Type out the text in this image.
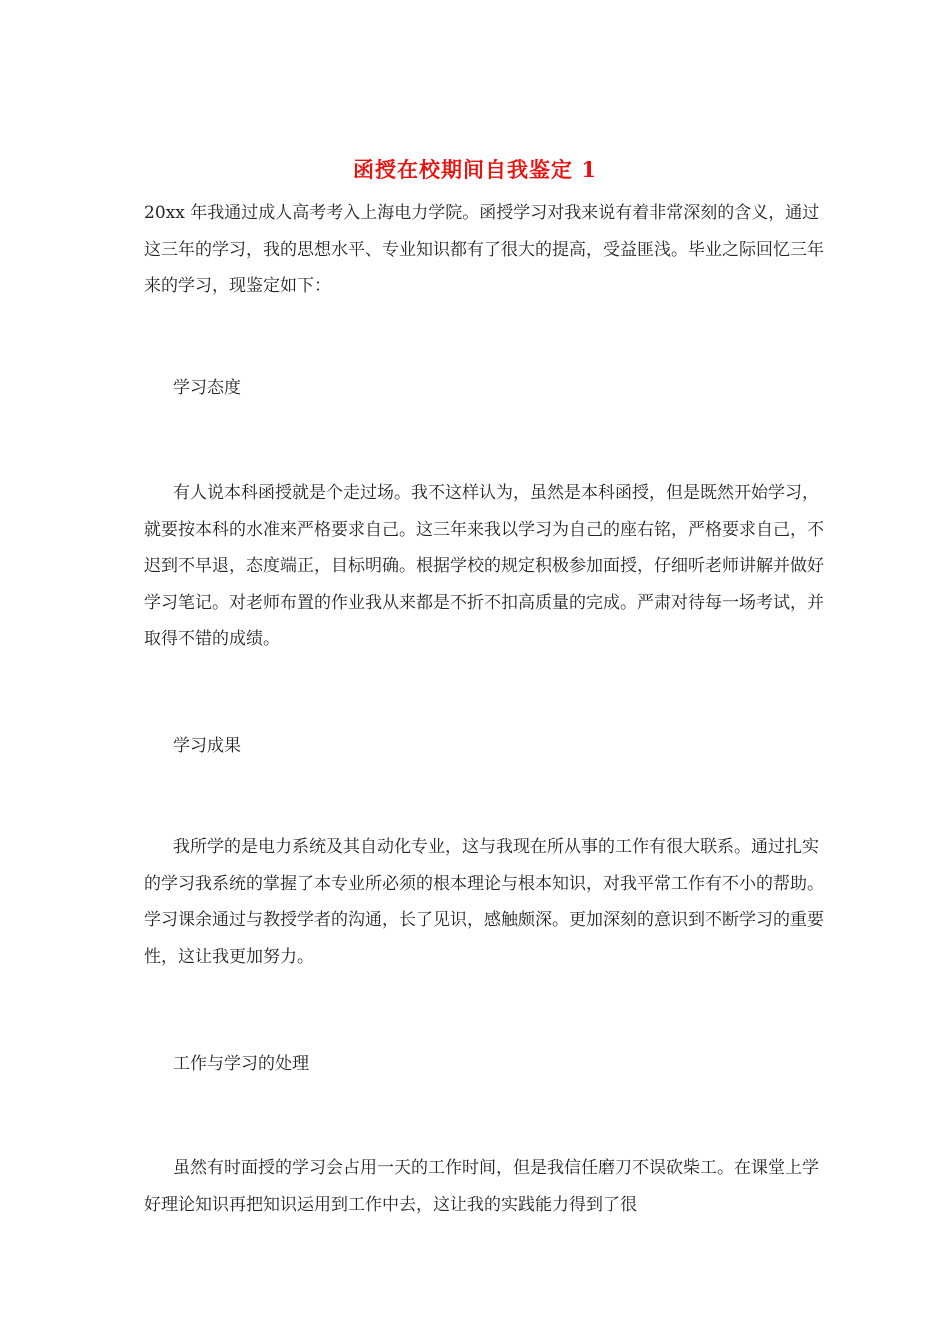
函授在校期间自我鉴定 1

20xx 年我通过成人高考考入上海电力学院。函授学习对我来说有着非常深刻的含义，通过这三年的学习，我的思想水平、专业知识都有了很大的提高，受益匪浅。毕业之际回忆三年来的学习，现鉴定如下：

学习态度

有人说本科函授就是个走过场。我不这样认为，虽然是本科函授，但是既然开始学习，就要按本科的水准来严格要求自己。这三年来我以学习为自己的座右铭，严格要求自己，不迟到不早退，态度端正，目标明确。根据学校的规定积极参加面授，仔细听老师讲解并做好学习笔记。对老师布置的作业我从来都是不折不扣高质量的完成。严肃对待每一场考试，并取得不错的成绩。

学习成果

我所学的是电力系统及其自动化专业，这与我现在所从事的工作有很大联系。通过扎实的学习我系统的掌握了本专业所必须的根本理论与根本知识，对我平常工作有不小的帮助。学习课余通过与教授学者的沟通，长了见识，感触颇深。更加深刻的意识到不断学习的重要性，这让我更加努力。

工作与学习的处理

虽然有时面授的学习会占用一天的工作时间，但是我信任磨刀不误砍柴工。在课堂上学好理论知识再把知识运用到工作中去，这让我的实践能力得到了很
